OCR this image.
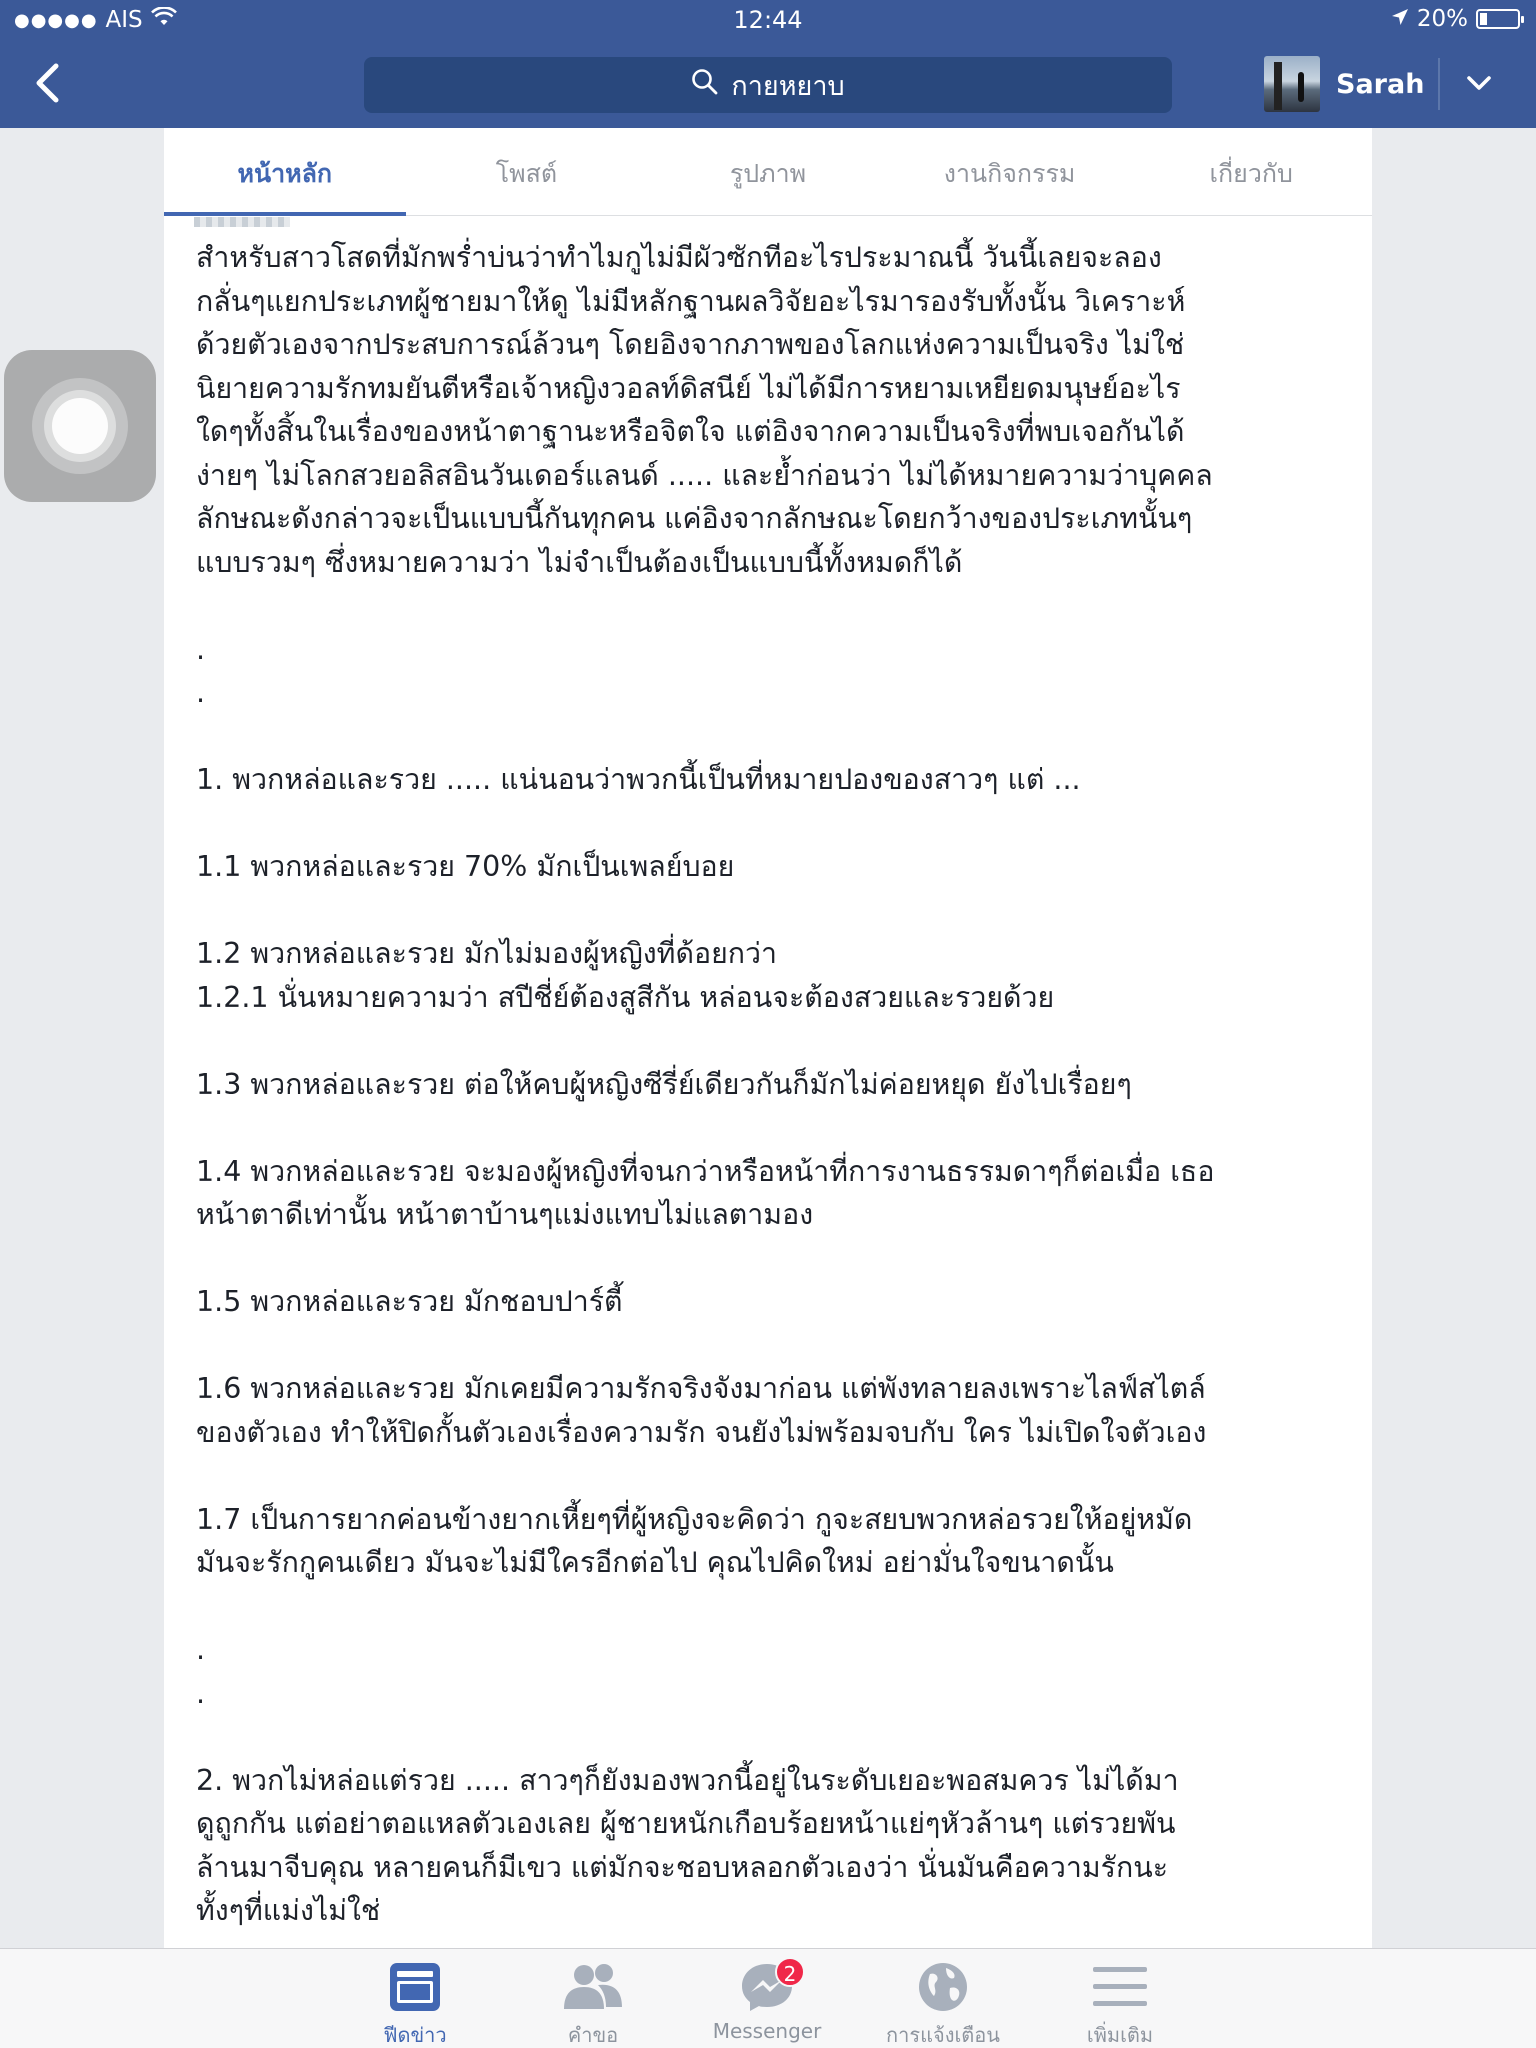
●●●●● AIS	12:44	20%
กายหยาบ	Sarah
หน้าหลัก	โพสต์	รูปภาพ	งานกิจกรรม	เกี่ยวกับ
สำหรับสาวโสดที่มักพร่ำบ่นว่าทำไมกูไม่มีผัวซักทีอะไรประมาณนี้ วันนี้เลยจะลอง
กลั่นๆแยกประเภทผู้ชายมาให้ดู ไม่มีหลักฐานผลวิจัยอะไรมารองรับทั้งนั้น วิเคราะห์
ด้วยตัวเองจากประสบการณ์ล้วนๆ โดยอิงจากภาพของโลกแห่งความเป็นจริง ไม่ใช่
นิยายความรักทมยันตีหรือเจ้าหญิงวอลท์ดิสนีย์ ไม่ได้มีการหยามเหยียดมนุษย์อะไร
ใดๆทั้งสิ้นในเรื่องของหน้าตาฐานะหรือจิตใจ แต่อิงจากความเป็นจริงที่พบเจอกันได้
ง่ายๆ ไม่โลกสวยอลิสอินวันเดอร์แลนด์ ..... และย้ำก่อนว่า ไม่ได้หมายความว่าบุคคล
ลักษณะดังกล่าวจะเป็นแบบนี้กันทุกคน แค่อิงจากลักษณะโดยกว้างของประเภทนั้นๆ
แบบรวมๆ ซึ่งหมายความว่า ไม่จำเป็นต้องเป็นแบบนี้ทั้งหมดก็ได้

.
.

1. พวกหล่อและรวย ..... แน่นอนว่าพวกนี้เป็นที่หมายปองของสาวๆ แต่ ...

1.1 พวกหล่อและรวย 70% มักเป็นเพลย์บอย

1.2 พวกหล่อและรวย มักไม่มองผู้หญิงที่ด้อยกว่า
1.2.1 นั่นหมายความว่า สปีชี่ย์ต้องสูสีกัน หล่อนจะต้องสวยและรวยด้วย

1.3 พวกหล่อและรวย ต่อให้คบผู้หญิงซีรี่ย์เดียวกันก็มักไม่ค่อยหยุด ยังไปเรื่อยๆ

1.4 พวกหล่อและรวย จะมองผู้หญิงที่จนกว่าหรือหน้าที่การงานธรรมดาๆก็ต่อเมื่อ เธอ
หน้าตาดีเท่านั้น หน้าตาบ้านๆแม่งแทบไม่แลตามอง

1.5 พวกหล่อและรวย มักชอบปาร์ตี้

1.6 พวกหล่อและรวย มักเคยมีความรักจริงจังมาก่อน แต่พังทลายลงเพราะไลฟ์สไตล์
ของตัวเอง ทำให้ปิดกั้นตัวเองเรื่องความรัก จนยังไม่พร้อมจบกับ ใคร ไม่เปิดใจตัวเอง

1.7 เป็นการยากค่อนข้างยากเหี้ยๆที่ผู้หญิงจะคิดว่า กูจะสยบพวกหล่อรวยให้อยู่หมัด
มันจะรักกูคนเดียว มันจะไม่มีใครอีกต่อไป คุณไปคิดใหม่ อย่ามั่นใจขนาดนั้น

.
.

2. พวกไม่หล่อแต่รวย ..... สาวๆก็ยังมองพวกนี้อยู่ในระดับเยอะพอสมควร ไม่ได้มา
ดูถูกกัน แต่อย่าตอแหลตัวเองเลย ผู้ชายหนักเกือบร้อยหน้าแย่ๆหัวล้านๆ แต่รวยพัน
ล้านมาจีบคุณ หลายคนก็มีเขว แต่มักจะชอบหลอกตัวเองว่า นั่นมันคือความรักนะ
ทั้งๆที่แม่งไม่ใช่
ฟีดข่าว	คำขอ
2
Messenger	การแจ้งเตือน	เพิ่มเติม
